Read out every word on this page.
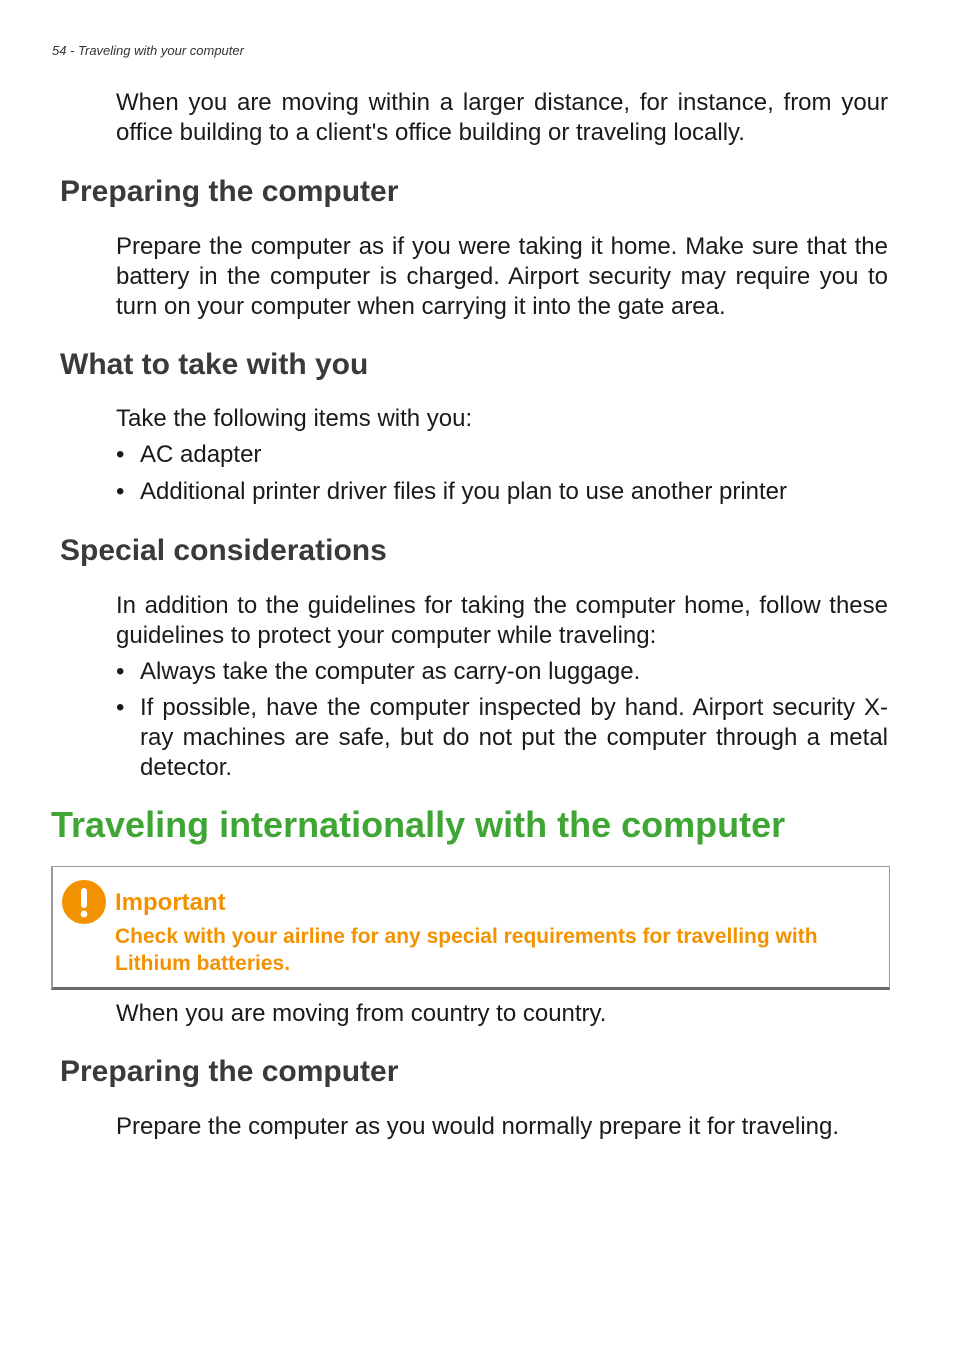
54 - Traveling with your computer

When you are moving within a larger distance, for instance, from your office building to a client's office building or traveling locally.

Preparing the computer

Prepare the computer as if you were taking it home. Make sure that the battery in the computer is charged. Airport security may require you to turn on your computer when carrying it into the gate area.

What to take with you

Take the following items with you:

• AC adapter
• Additional printer driver files if you plan to use another printer
Special considerations

In addition to the guidelines for taking the computer home, follow these guidelines to protect your computer while traveling:

• Always take the computer as carry-on luggage.
• If possible, have the computer inspected by hand. Airport security X-ray machines are safe, but do not put the computer through a metal detector.
Traveling internationally with the computer
Important
Check with your airline for any special requirements for travelling with Lithium batteries.

When you are moving from country to country.

Preparing the computer

Prepare the computer as you would normally prepare it for traveling.
